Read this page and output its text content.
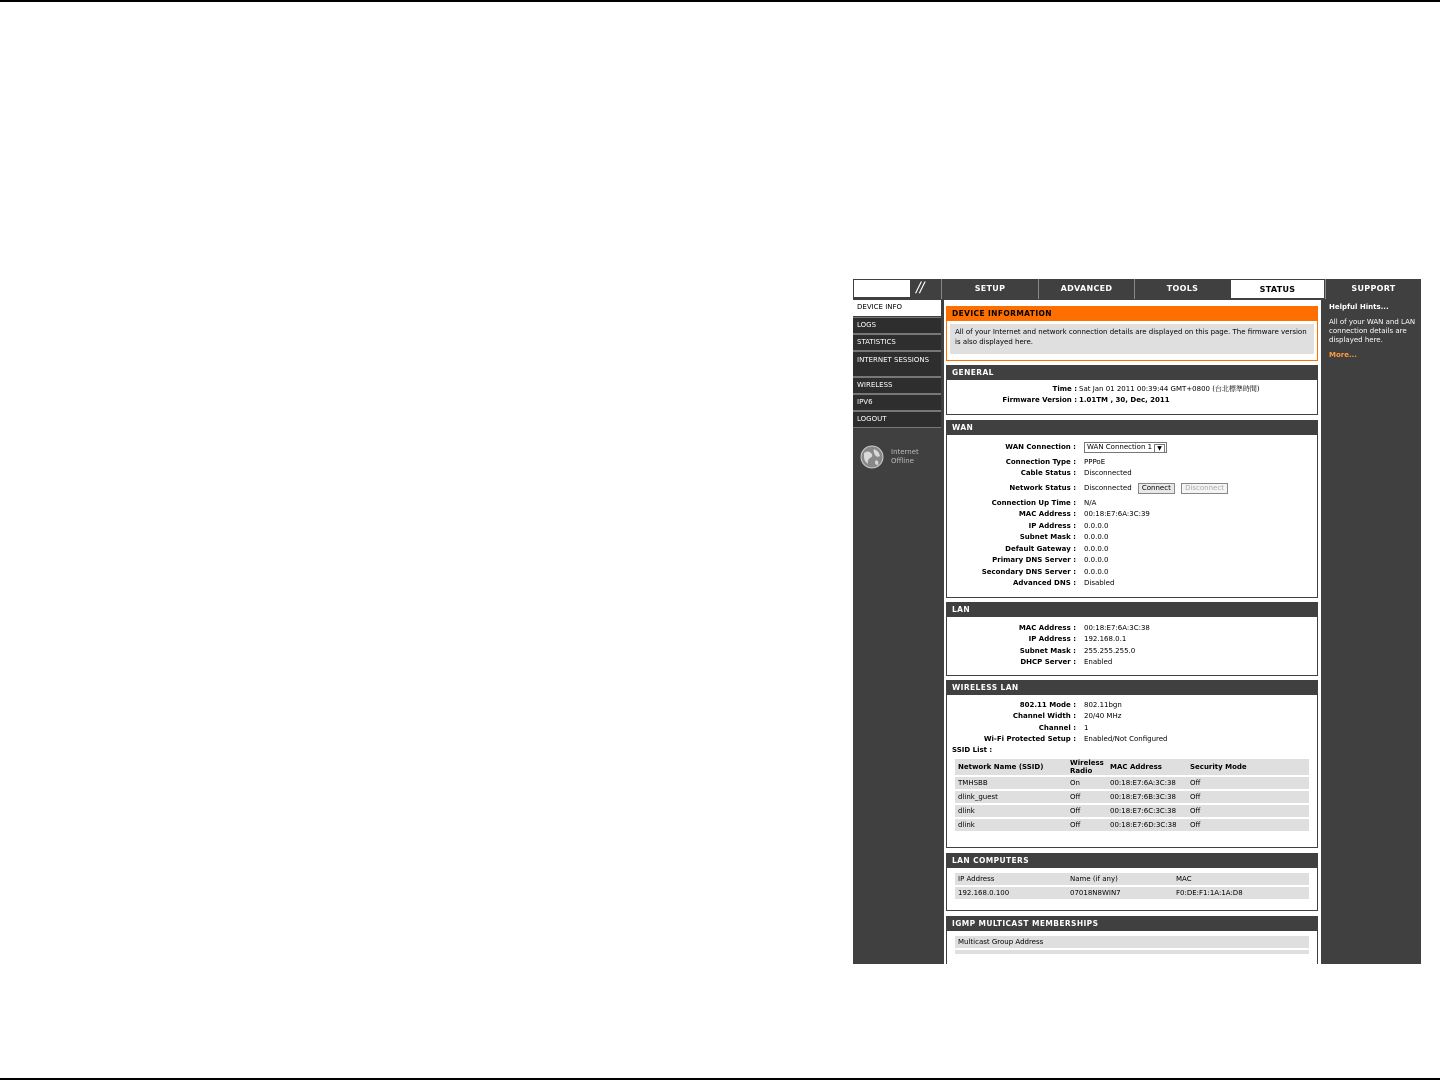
//	SETUP	ADVANCED	TOOLS	STATUS	SUPPORT
DEVICE INFO
LOGS
STATISTICS
INTERNET SESSIONS
WIRELESS
IPV6
LOGOUT
Internet
Offline
DEVICE INFORMATION
All of your Internet and network connection details are displayed on this page. The firmware version is also displayed here.
GENERAL
Time : Sat Jan 01 2011 00:39:44 GMT+0800 (台北標準時間)
Firmware Version : 1.01TM , 30, Dec, 2011
WAN
WAN Connection :	WAN Connection 1 ▼
Connection Type : PPPoE
Cable Status : Disconnected
Network Status : Disconnected Connect Disconnect
Connection Up Time : N/A
MAC Address : 00:18:E7:6A:3C:39
IP Address : 0.0.0.0
Subnet Mask : 0.0.0.0
Default Gateway : 0.0.0.0
Primary DNS Server : 0.0.0.0
Secondary DNS Server : 0.0.0.0
Advanced DNS : Disabled
LAN
MAC Address : 00:18:E7:6A:3C:38
IP Address : 192.168.0.1
Subnet Mask : 255.255.255.0
DHCP Server : Enabled
WIRELESS LAN
802.11 Mode : 802.11bgn
Channel Width : 20/40 MHz
Channel : 1
Wi-Fi Protected Setup : Enabled/Not Configured
SSID List :
Network Name (SSID)	Wireless Radio	MAC Address	Security Mode
TMHSBB	On	00:18:E7:6A:3C:38	Off
dlink_guest	Off	00:18:E7:6B:3C:38	Off
dlink	Off	00:18:E7:6C:3C:38	Off
dlink	Off	00:18:E7:6D:3C:38	Off
LAN COMPUTERS
IP Address	Name (if any)	MAC
192.168.0.100	07018N8WIN7	F0:DE:F1:1A:1A:D8
IGMP MULTICAST MEMBERSHIPS
Multicast Group Address

Helpful Hints...
All of your WAN and LAN connection details are displayed here.
More...
